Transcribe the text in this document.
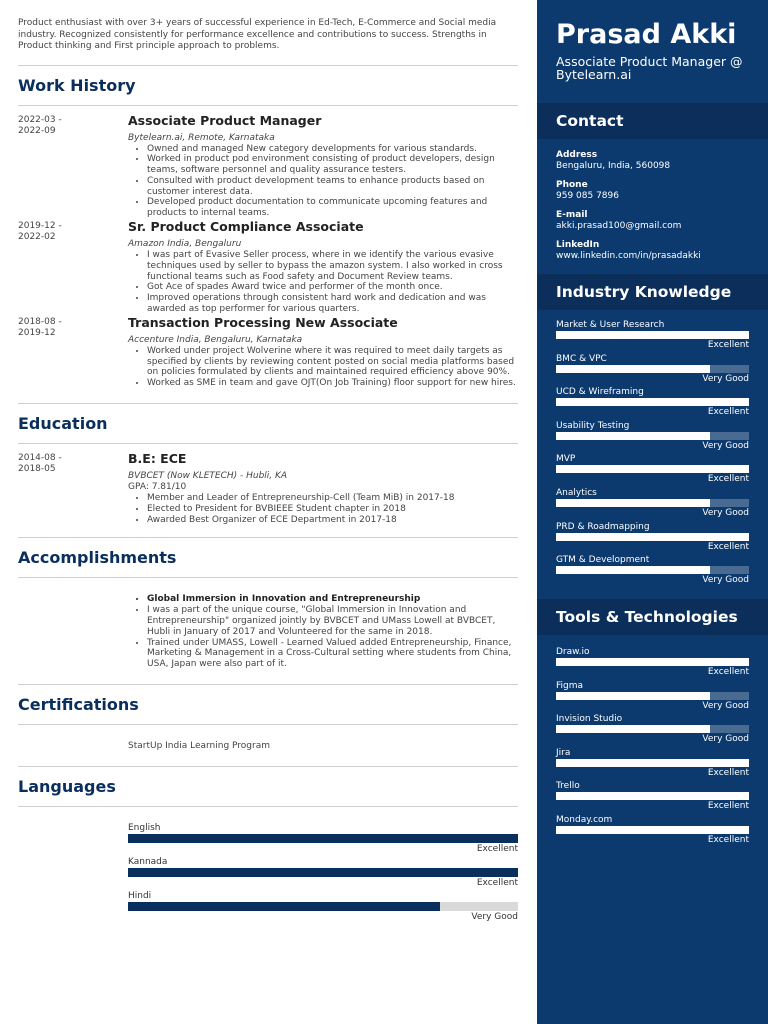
Product enthusiast with over 3+ years of successful experience in Ed-Tech, E-Commerce and Social media industry. Recognized consistently for performance excellence and contributions to success. Strengths in Product thinking and First principle approach to problems.

Work History
2022-03 -
2022-09
Associate Product Manager

Bytelearn.ai, Remote, Karnataka

• Owned and managed New category developments for various standards.
• Worked in product pod environment consisting of product developers, design teams, software personnel and quality assurance testers.
• Consulted with product development teams to enhance products based on customer interest data.
• Developed product documentation to communicate upcoming features and products to internal teams.
2019-12 -
2022-02
Sr. Product Compliance Associate

Amazon India, Bengaluru

• I was part of Evasive Seller process, where in we identify the various evasive techniques used by seller to bypass the amazon system. I also worked in cross functional teams such as Food safety and Document Review teams.
• Got Ace of spades Award twice and performer of the month once.
• Improved operations through consistent hard work and dedication and was awarded as top performer for various quarters.
2018-08 -
2019-12
Transaction Processing New Associate

Accenture India, Bengaluru, Karnataka

• Worked under project Wolverine where it was required to meet daily targets as specified by clients by reviewing content posted on social media platforms based on policies formulated by clients and maintained required efficiency above 90%.
• Worked as SME in team and gave OJT(On Job Training) floor support for new hires.
Education
2014-08 -
2018-05
B.E: ECE

BVBCET (Now KLETECH) - Hubli, KA

GPA: 7.81/10

• Member and Leader of Entrepreneurship-Cell (Team MiB) in 2017-18
• Elected to President for BVBIEEE Student chapter in 2018
• Awarded Best Organizer of ECE Department in 2017-18
Accomplishments
• Global Immersion in Innovation and Entrepreneurship
• I was a part of the unique course, "Global Immersion in Innovation and Entrepreneurship" organized jointly by BVBCET and UMass Lowell at BVBCET, Hubli in January of 2017 and Volunteered for the same in 2018.
• Trained under UMASS, Lowell - Learned Valued added Entrepreneurship, Finance, Marketing & Management in a Cross-Cultural setting where students from China, USA, Japan were also part of it.
Certifications
StartUp India Learning Program
Languages
English
Excellent
Kannada
Excellent
Hindi
Very Good
Prasad Akki
Associate Product Manager @ Bytelearn.ai
Contact
Address
Bengaluru, India, 560098
Phone
959 085 7896
E-mail
akki.prasad100@gmail.com
LinkedIn
www.linkedin.com/in/prasadakki
Industry Knowledge
Market & User Research
Excellent
BMC & VPC
Very Good
UCD & Wireframing
Excellent
Usability Testing
Very Good
MVP
Excellent
Analytics
Very Good
PRD & Roadmapping
Excellent
GTM & Development
Very Good
Tools & Technologies
Draw.io
Excellent
Figma
Very Good
Invision Studio
Very Good
Jira
Excellent
Trello
Excellent
Monday.com
Excellent
